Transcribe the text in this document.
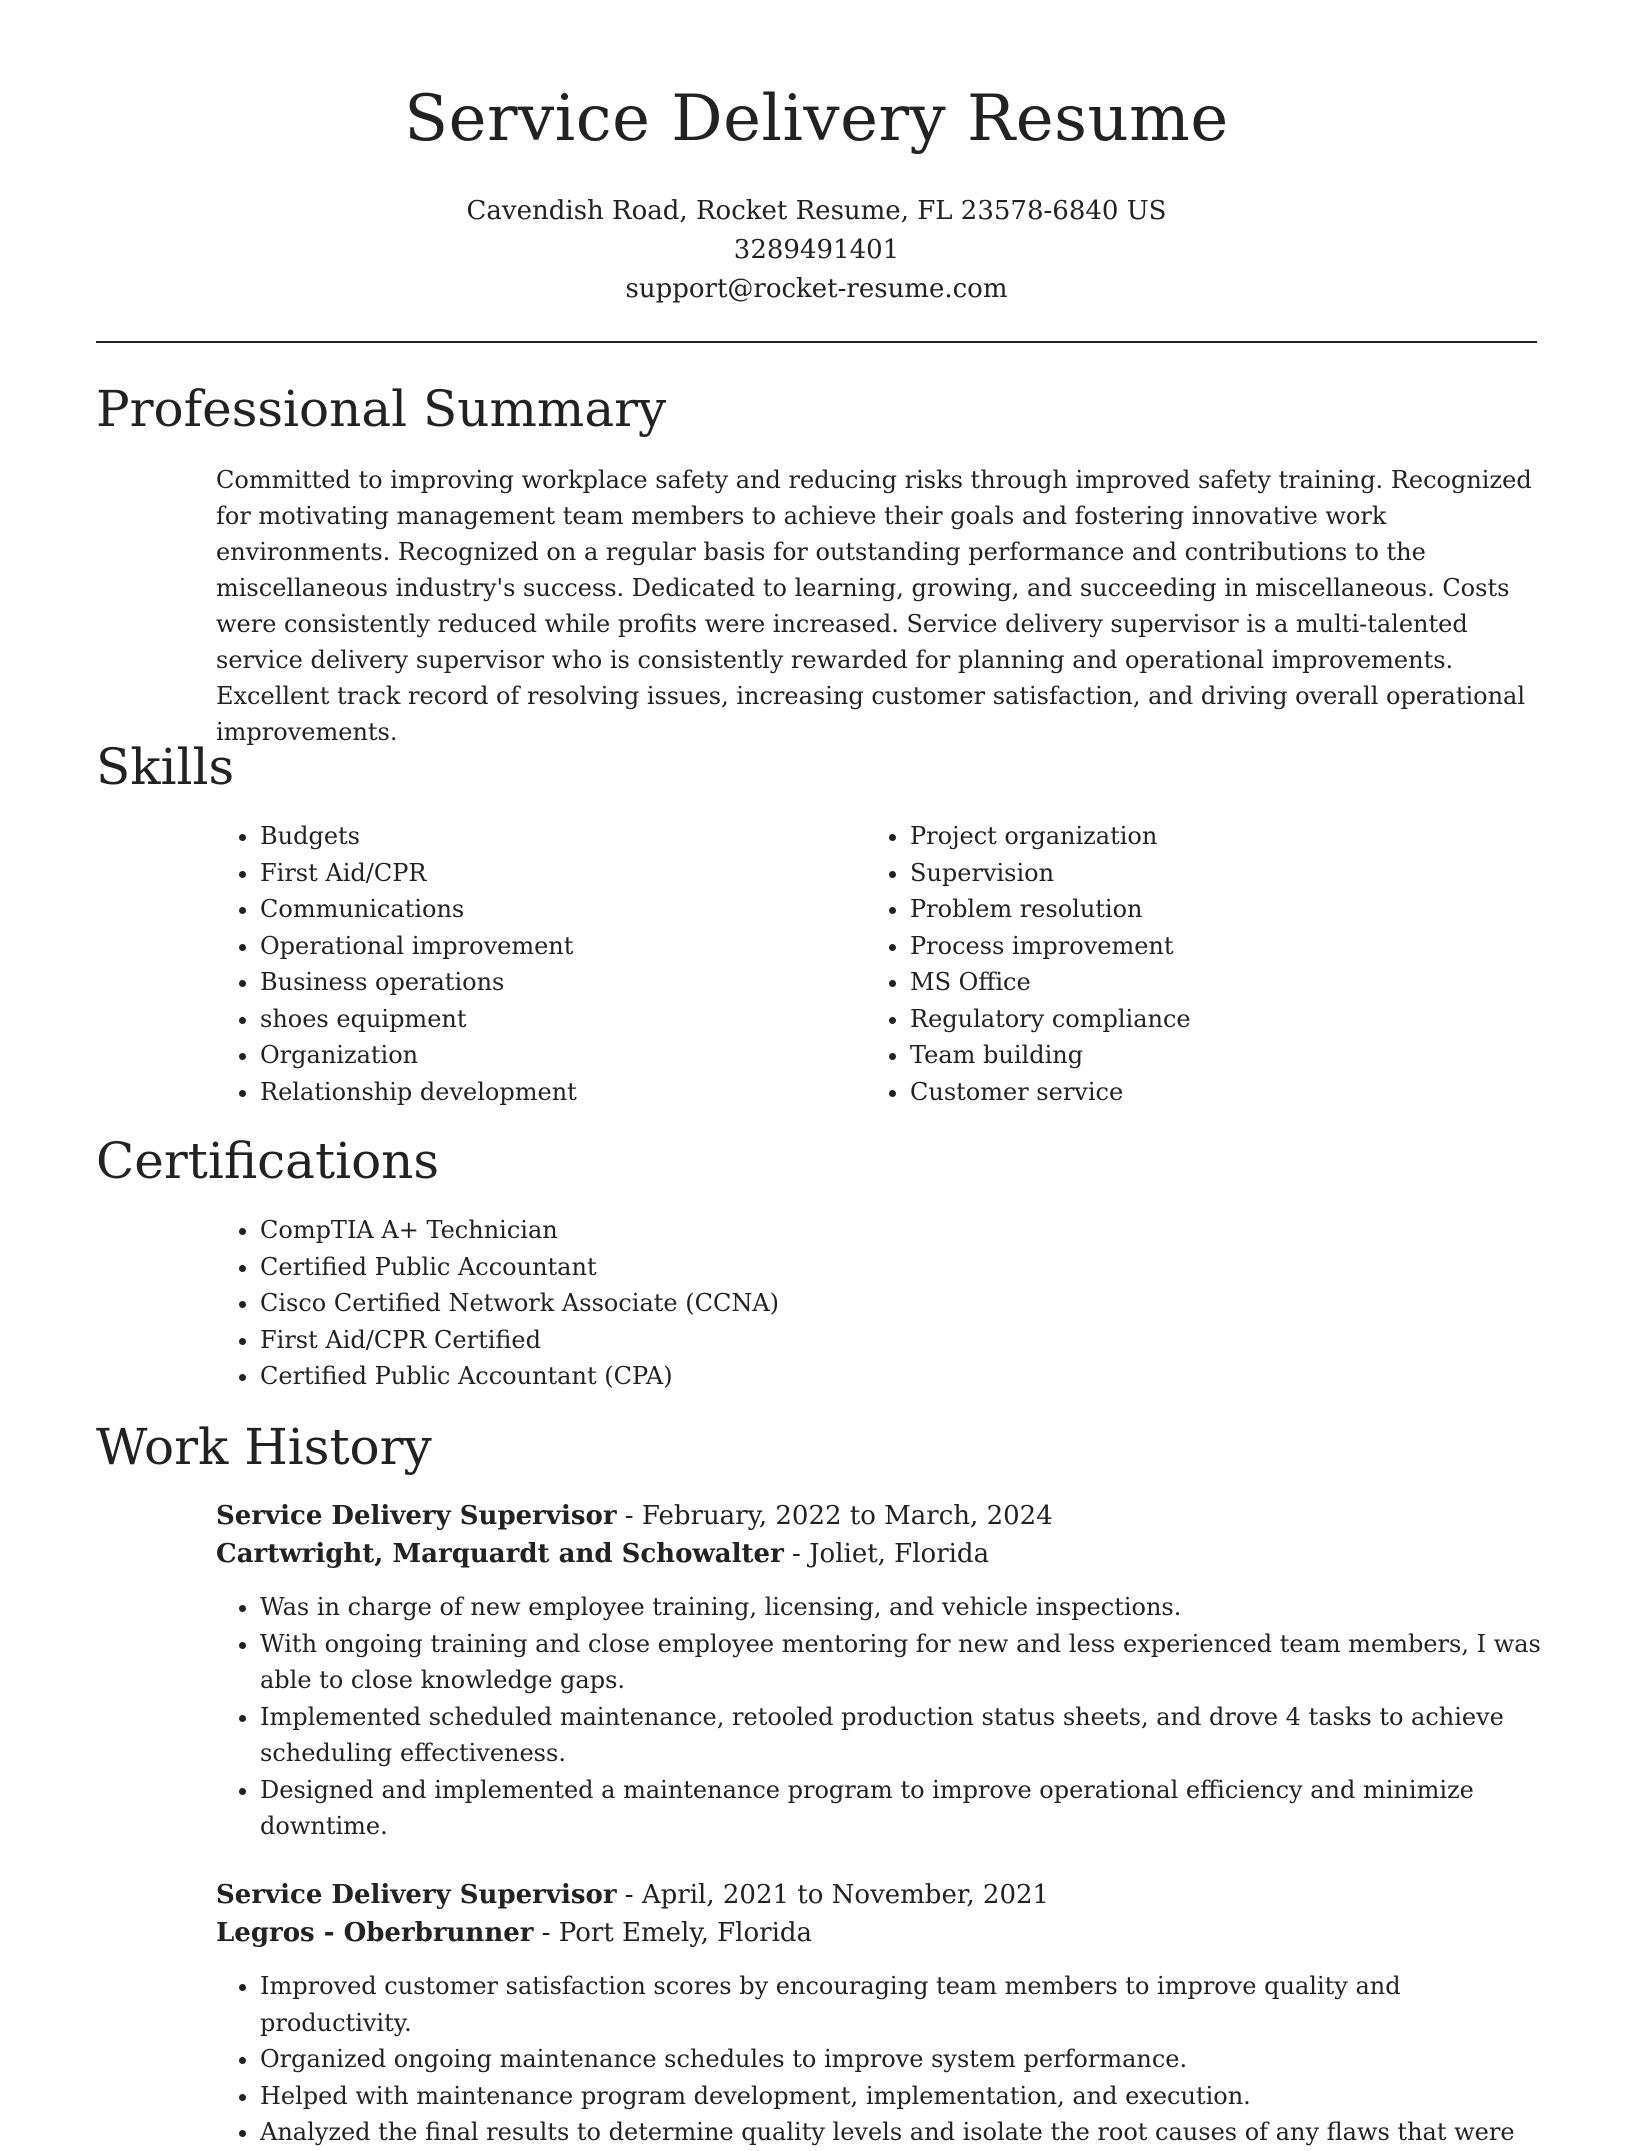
Service Delivery Resume
Cavendish Road, Rocket Resume, FL 23578-6840 US
3289491401
support@rocket-resume.com
Professional Summary
Committed to improving workplace safety and reducing risks through improved safety training. Recognized for motivating management team members to achieve their goals and fostering innovative work environments. Recognized on a regular basis for outstanding performance and contributions to the miscellaneous industry's success. Dedicated to learning, growing, and succeeding in miscellaneous. Costs were consistently reduced while profits were increased. Service delivery supervisor is a multi-talented service delivery supervisor who is consistently rewarded for planning and operational improvements. Excellent track record of resolving issues, increasing customer satisfaction, and driving overall operational improvements.
Skills
• Budgets
• First Aid/CPR
• Communications
• Operational improvement
• Business operations
• shoes equipment
• Organization
• Relationship development
• Project organization
• Supervision
• Problem resolution
• Process improvement
• MS Office
• Regulatory compliance
• Team building
• Customer service
Certifications
• CompTIA A+ Technician
• Certified Public Accountant
• Cisco Certified Network Associate (CCNA)
• First Aid/CPR Certified
• Certified Public Accountant (CPA)
Work History
Service Delivery Supervisor - February, 2022 to March, 2024
Cartwright, Marquardt and Schowalter - Joliet, Florida
• Was in charge of new employee training, licensing, and vehicle inspections.
• With ongoing training and close employee mentoring for new and less experienced team members, I was able to close knowledge gaps.
• Implemented scheduled maintenance, retooled production status sheets, and drove 4 tasks to achieve scheduling effectiveness.
• Designed and implemented a maintenance program to improve operational efficiency and minimize downtime.
Service Delivery Supervisor - April, 2021 to November, 2021
Legros - Oberbrunner - Port Emely, Florida
• Improved customer satisfaction scores by encouraging team members to improve quality and productivity.
• Organized ongoing maintenance schedules to improve system performance.
• Helped with maintenance program development, implementation, and execution.
• Analyzed the final results to determine quality levels and isolate the root causes of any flaws that were
